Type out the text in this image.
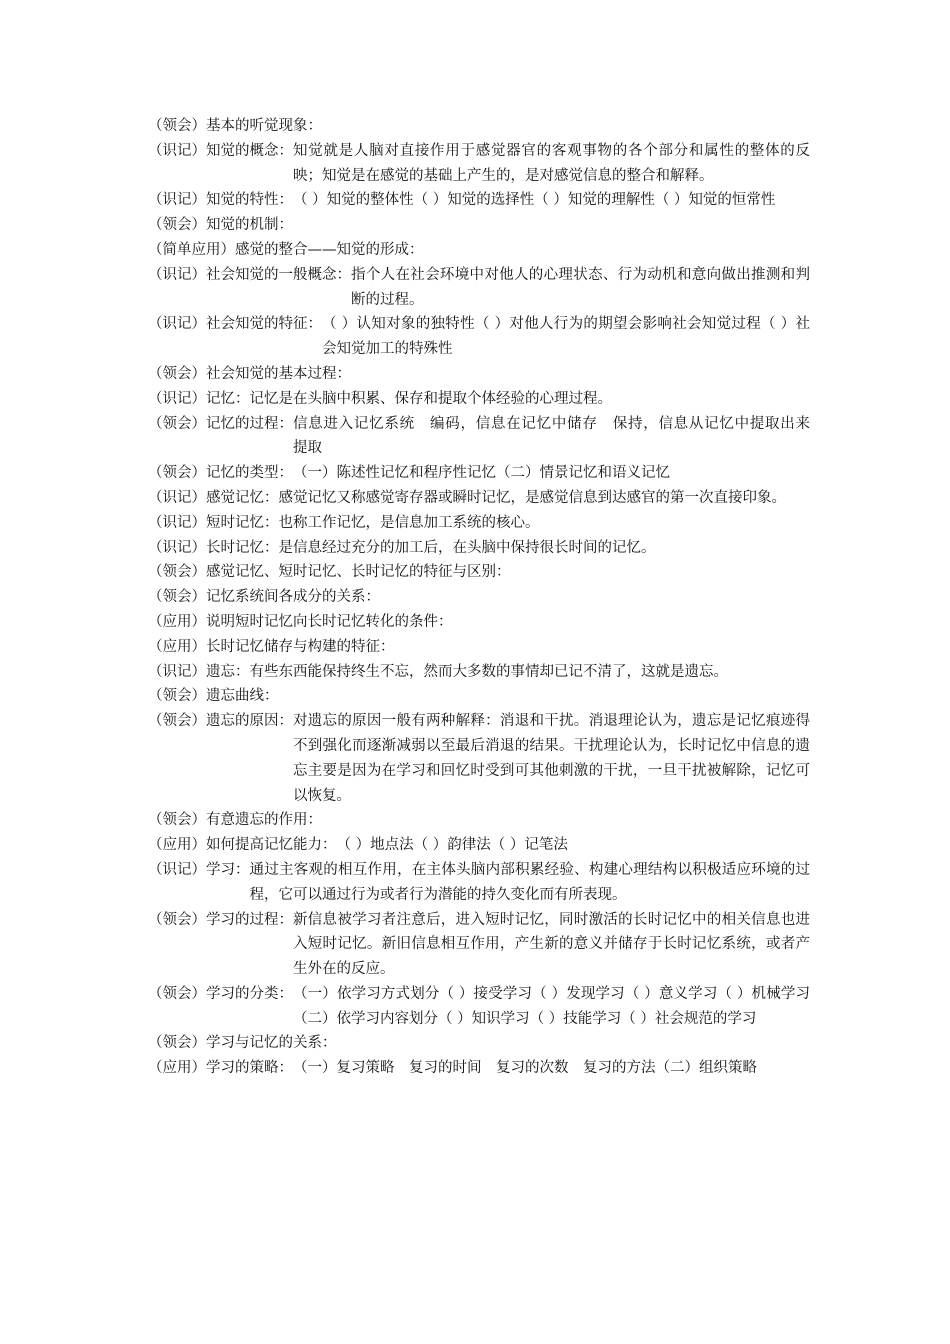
（领会）基本的听觉现象：
（识记）知觉的概念： 知觉就是人脑对直接作用于感觉器官的客观事物的各个部分和属性的整体的反映；知觉是在感觉的基础上产生的，是对感觉信息的整合和解释。
（识记）知觉的特性： （ ）知觉的整体性（ ）知觉的选择性（ ）知觉的理解性（ ）知觉的恒常性
（领会）知觉的机制：
（简单应用）感觉的整合——知觉的形成：
（识记）社会知觉的一般概念： 指个人在社会环境中对他人的心理状态、行为动机和意向做出推测和判断的过程。
（识记）社会知觉的特征： （ ）认知对象的独特性（ ）对他人行为的期望会影响社会知觉过程（ ）社会知觉加工的特殊性
（领会）社会知觉的基本过程：
（识记）记忆： 记忆是在头脑中积累、保存和提取个体经验的心理过程。
（领会）记忆的过程： 信息进入记忆系统　编码，信息在记忆中储存　保持，信息从记忆中提取出来　提取
（领会）记忆的类型： （一）陈述性记忆和程序性记忆（二）情景记忆和语义记忆
（识记）感觉记忆： 感觉记忆又称感觉寄存器或瞬时记忆，是感觉信息到达感官的第一次直接印象。
（识记）短时记忆： 也称工作记忆，是信息加工系统的核心。
（识记）长时记忆： 是信息经过充分的加工后，在头脑中保持很长时间的记忆。
（领会）感觉记忆、短时记忆、长时记忆的特征与区别：
（领会）记忆系统间各成分的关系：
（应用）说明短时记忆向长时记忆转化的条件：
（应用）长时记忆储存与构建的特征：
（识记）遗忘： 有些东西能保持终生不忘，然而大多数的事情却已记不清了，这就是遗忘。
（领会）遗忘曲线：
（领会）遗忘的原因： 对遗忘的原因一般有两种解释：消退和干扰。消退理论认为，遗忘是记忆痕迹得不到强化而逐渐减弱以至最后消退的结果。干扰理论认为，长时记忆中信息的遗忘主要是因为在学习和回忆时受到可其他刺激的干扰，一旦干扰被解除，记忆可以恢复。
（领会）有意遗忘的作用：
（应用）如何提高记忆能力： （ ）地点法（ ）韵律法（ ）记笔法
（识记）学习： 通过主客观的相互作用，在主体头脑内部积累经验、构建心理结构以积极适应环境的过程，它可以通过行为或者行为潜能的持久变化而有所表现。
（领会）学习的过程： 新信息被学习者注意后，进入短时记忆，同时激活的长时记忆中的相关信息也进入短时记忆。新旧信息相互作用，产生新的意义并储存于长时记忆系统，或者产生外在的反应。
（领会）学习的分类： （一）依学习方式划分（ ）接受学习（ ）发现学习（ ）意义学习（ ）机械学习（二）依学习内容划分（ ）知识学习（ ）技能学习（ ）社会规范的学习
（领会）学习与记忆的关系：
（应用）学习的策略： （一）复习策略　复习的时间　复习的次数　复习的方法（二）组织策略
